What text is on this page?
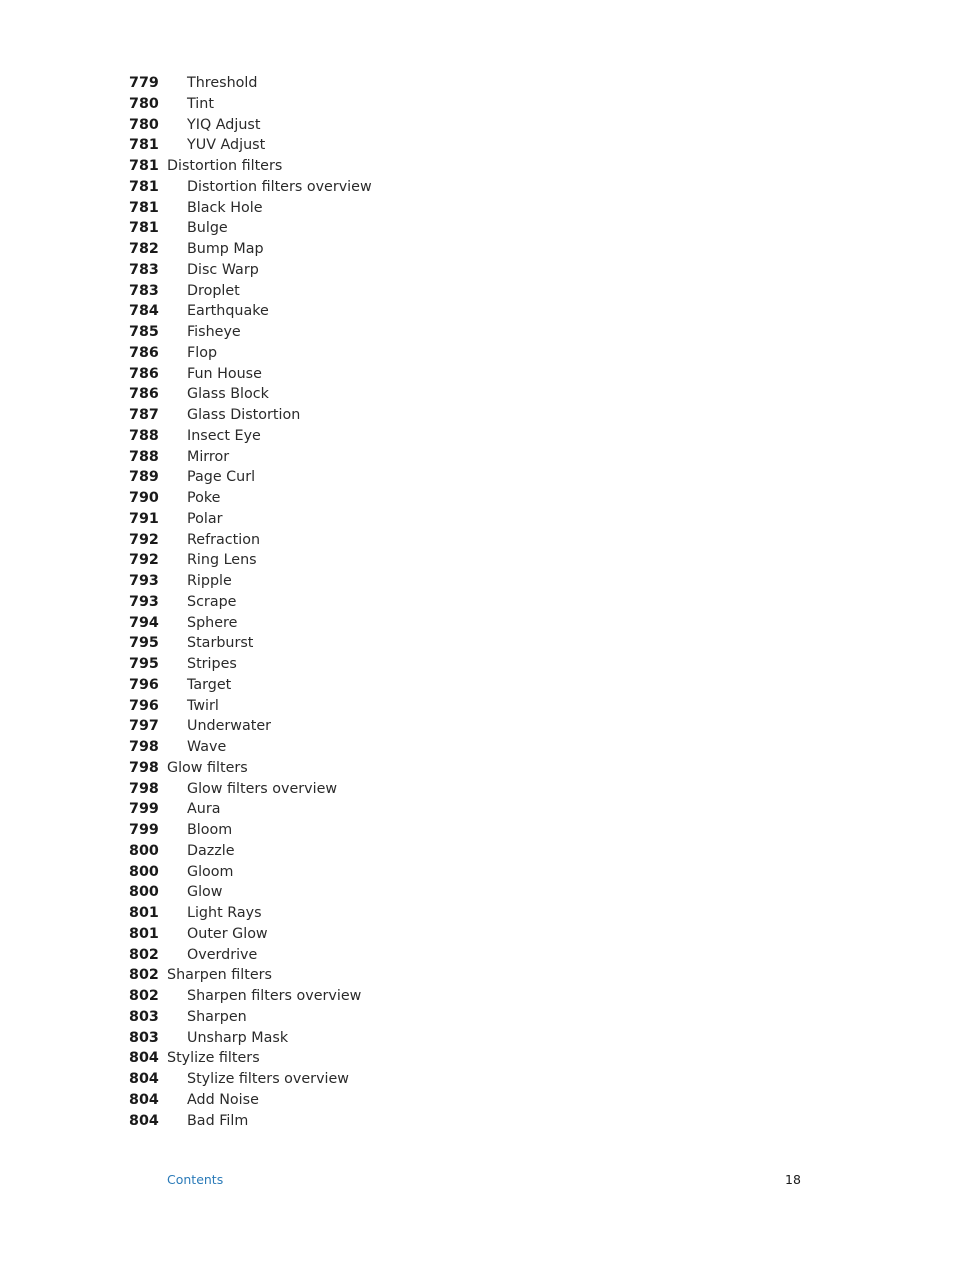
779 Threshold
780 Tint
780 YIQ Adjust
781 YUV Adjust
781 Distortion filters
781 Distortion filters overview
781 Black Hole
781 Bulge
782 Bump Map
783 Disc Warp
783 Droplet
784 Earthquake
785 Fisheye
786 Flop
786 Fun House
786 Glass Block
787 Glass Distortion
788 Insect Eye
788 Mirror
789 Page Curl
790 Poke
791 Polar
792 Refraction
792 Ring Lens
793 Ripple
793 Scrape
794 Sphere
795 Starburst
795 Stripes
796 Target
796 Twirl
797 Underwater
798 Wave
798 Glow filters
798 Glow filters overview
799 Aura
799 Bloom
800 Dazzle
800 Gloom
800 Glow
801 Light Rays
801 Outer Glow
802 Overdrive
802 Sharpen filters
802 Sharpen filters overview
803 Sharpen
803 Unsharp Mask
804 Stylize filters
804 Stylize filters overview
804 Add Noise
804 Bad Film
Contents	18
